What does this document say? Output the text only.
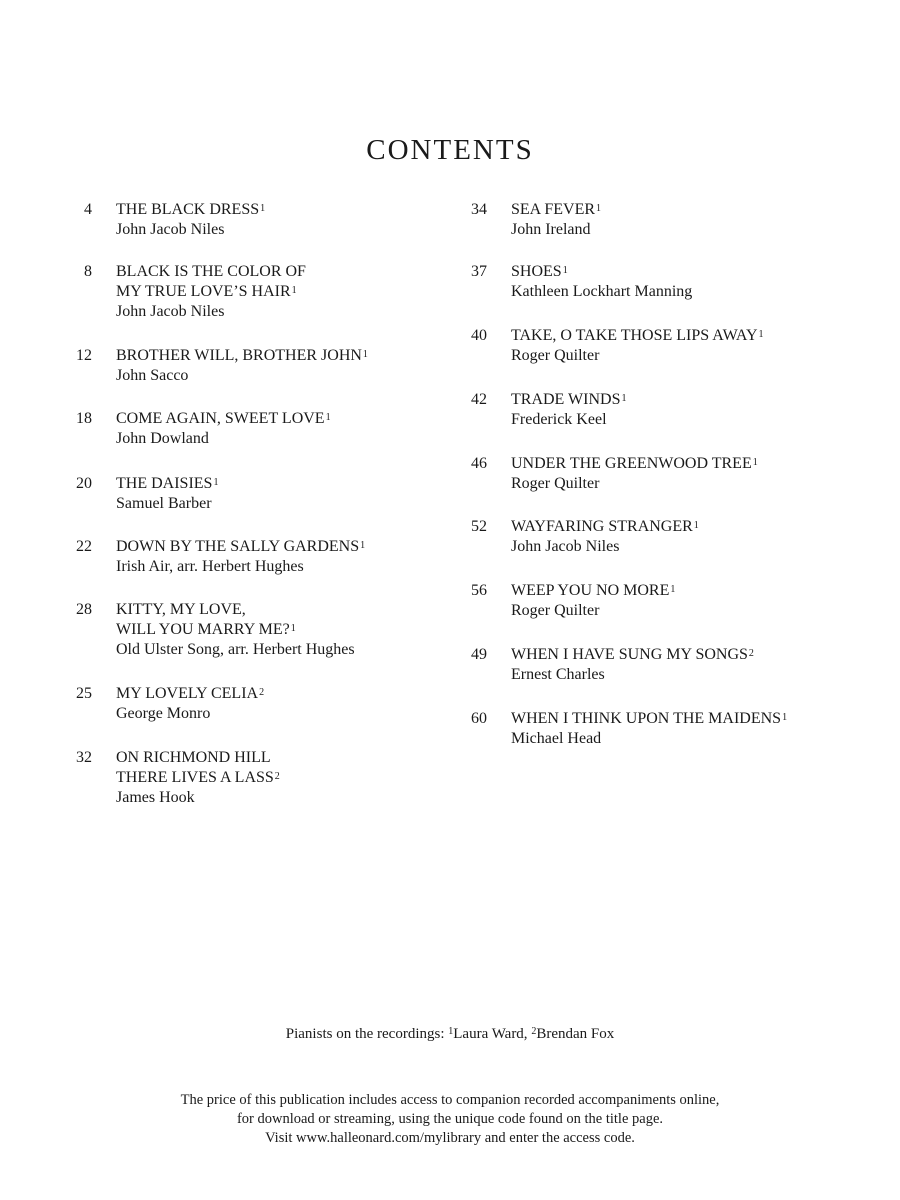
CONTENTS
4 THE BLACK DRESS$^1$
John Jacob Niles
8 BLACK IS THE COLOR OF
MY TRUE LOVE’S HAIR$^1$
John Jacob Niles
12 BROTHER WILL, BROTHER JOHN$^1$
John Sacco
18 COME AGAIN, SWEET LOVE$^1$
John Dowland
20 THE DAISIES$^1$
Samuel Barber
22 DOWN BY THE SALLY GARDENS$^1$
Irish Air, arr. Herbert Hughes
28 KITTY, MY LOVE,
WILL YOU MARRY ME?$^1$
Old Ulster Song, arr. Herbert Hughes
25 MY LOVELY CELIA$^2$
George Monro
32 ON RICHMOND HILL
THERE LIVES A LASS$^2$
James Hook
34 SEA FEVER$^1$
John Ireland
37 SHOES$^1$
Kathleen Lockhart Manning
40 TAKE, O TAKE THOSE LIPS AWAY$^1$
Roger Quilter
42 TRADE WINDS$^1$
Frederick Keel
46 UNDER THE GREENWOOD TREE$^1$
Roger Quilter
52 WAYFARING STRANGER$^1$
John Jacob Niles
56 WEEP YOU NO MORE$^1$
Roger Quilter
49 WHEN I HAVE SUNG MY SONGS$^2$
Ernest Charles
60 WHEN I THINK UPON THE MAIDENS$^1$
Michael Head
Pianists on the recordings: $^1$Laura Ward, $^2$Brendan Fox
The price of this publication includes access to companion recorded accompaniments online,
for download or streaming, using the unique code found on the title page.
Visit www.halleonard.com/mylibrary and enter the access code.
